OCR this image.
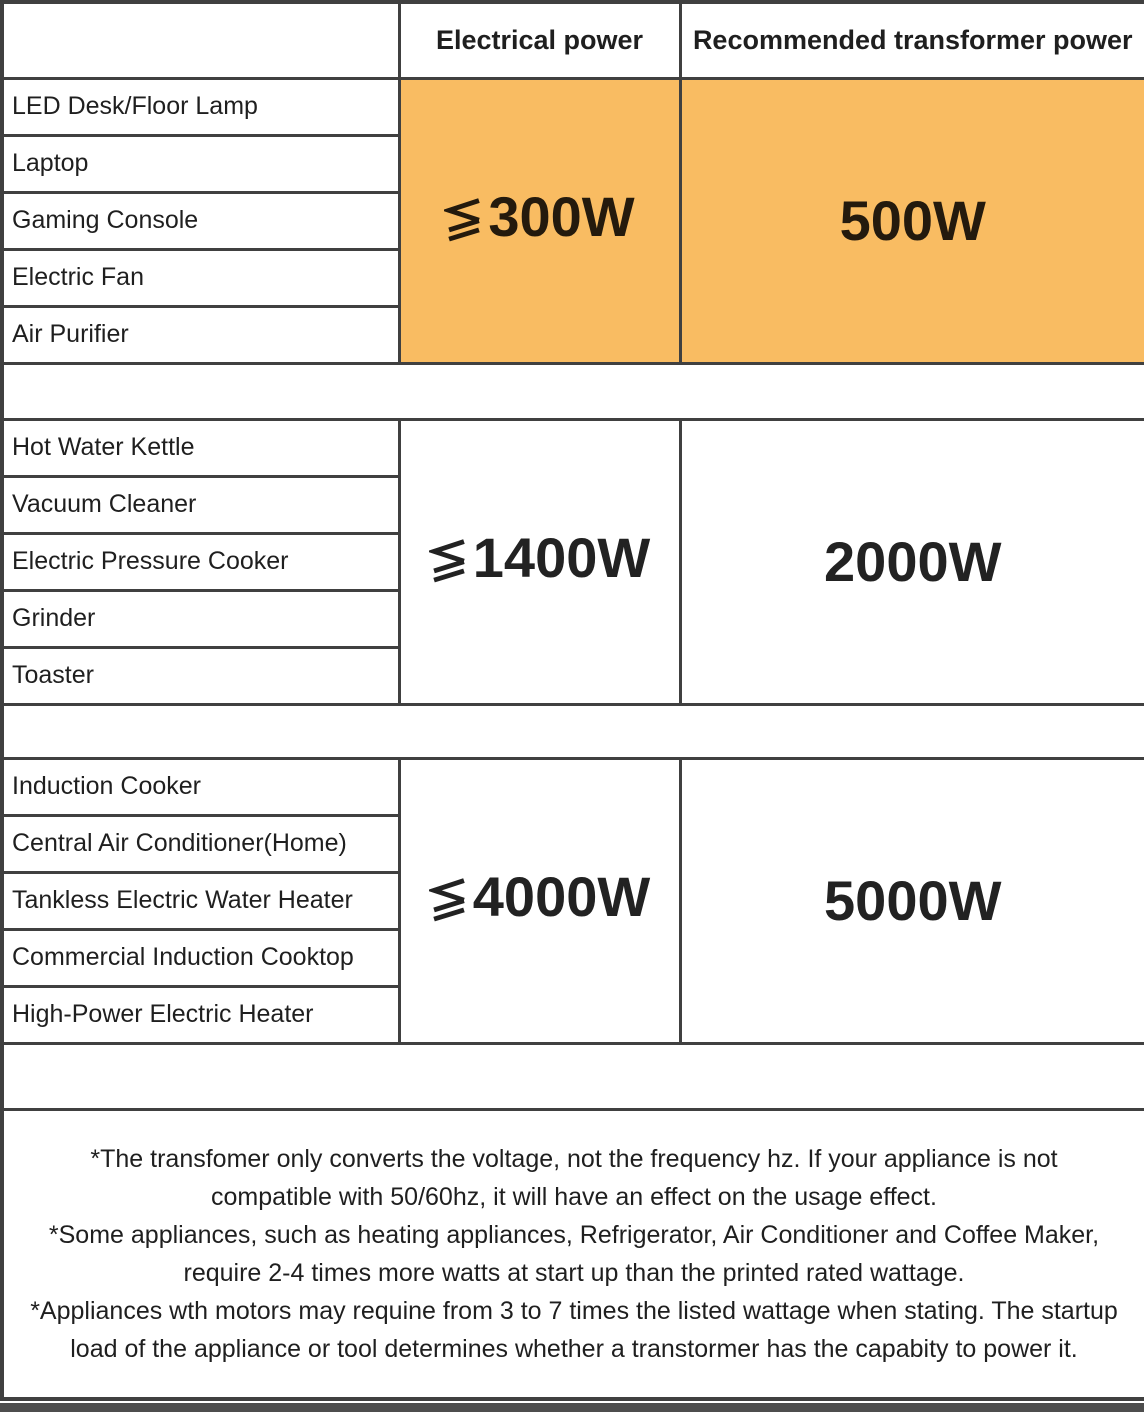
	Electrical power	Recommended transformer power
LED Desk/Floor Lamp	300W	500W
Laptop		
Gaming Console		
Electric Fan		
Air Purifier		

Hot Water Kettle	1400W	2000W
Vacuum Cleaner		
Electric Pressure Cooker		
Grinder		
Toaster		

Induction Cooker	4000W	5000W
Central Air Conditioner(Home)		
Tankless Electric Water Heater		
Commercial Induction Cooktop		
High-Power Electric Heater		

*The transfomer only converts the voltage, not the frequency hz. If your appliance is not compatible with 50/60hz, it will have an effect on the usage effect.

*Some appliances, such as heating appliances, Refrigerator, Air Conditioner and Coffee Maker, require 2-4 times more watts at start up than the printed rated wattage.

*Appliances wth motors may requine from 3 to 7 times the listed wattage when stating. The startup load of the appliance or tool determines whether a transtormer has the capabity to power it.		
